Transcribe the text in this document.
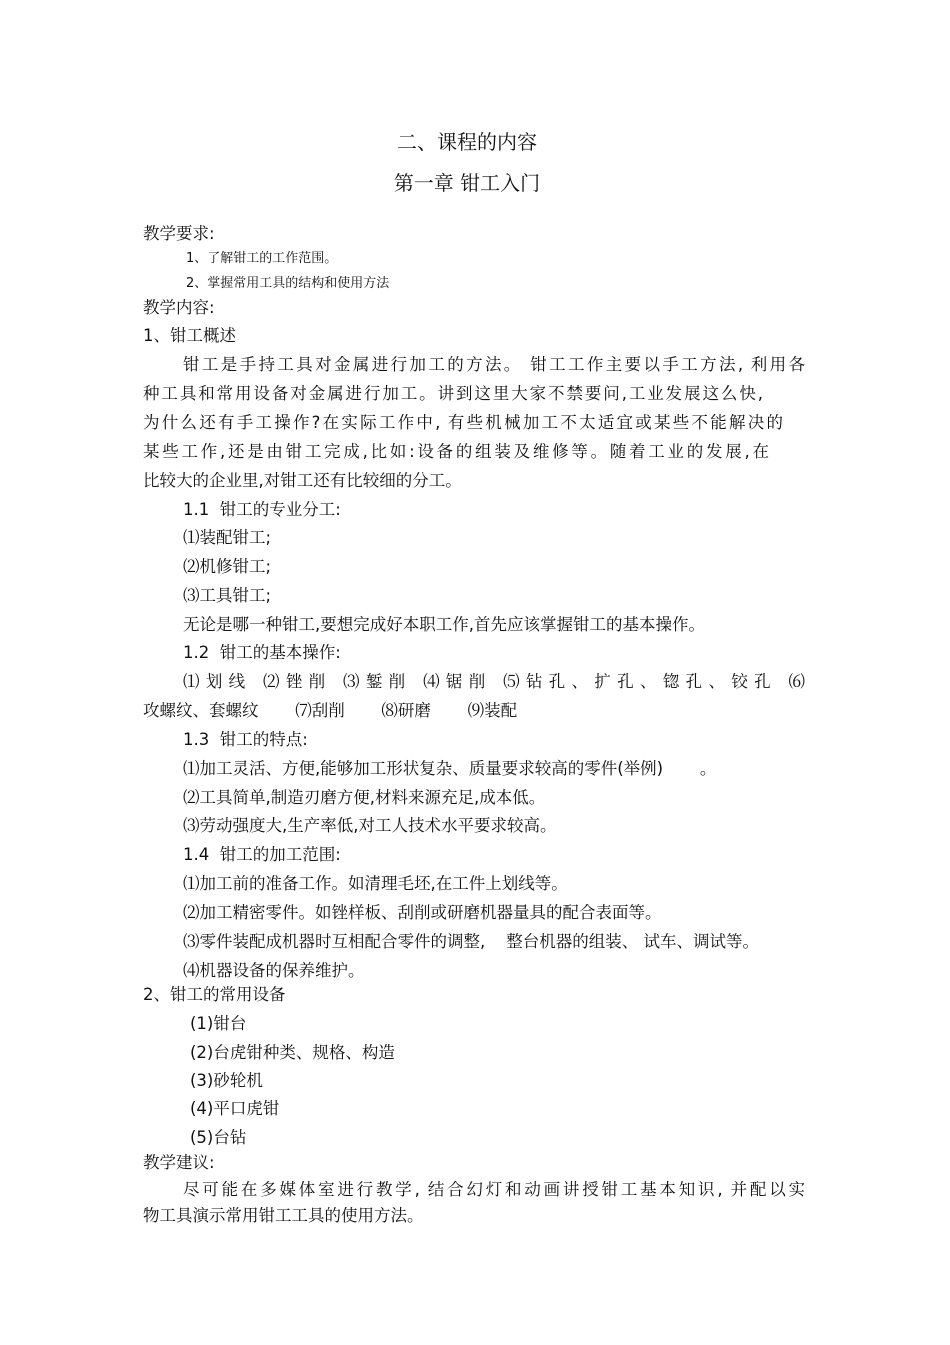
二、课程的内容
第一章 钳工入门
教学要求:
1、了解钳工的工作范围。
2、掌握常用工具的结构和使用方法
教学内容:
1、钳工概述
钳工是手持工具对金属进行加工的方法。 钳工工作主要以手工方法, 利用各
种工具和常用设备对金属进行加工。讲到这里大家不禁要问,工业发展这么快,
为什么还有手工操作?在实际工作中, 有些机械加工不太适宜或某些不能解决的
某些工作,还是由钳工完成,比如:设备的组装及维修等。随着工业的发展,在
比较大的企业里,对钳工还有比较细的分工。
1.1  钳工的专业分工:
⑴装配钳工;
⑵机修钳工;
⑶工具钳工;
无论是哪一种钳工,要想完成好本职工作,首先应该掌握钳工的基本操作。
1.2  钳工的基本操作:
⑴划线 ⑵锉削 ⑶錾削 ⑷锯削 ⑸钻孔、扩孔、锪孔、铰孔 ⑹
攻螺纹、套螺纹       ⑺刮削       ⑻研磨       ⑼装配
1.3  钳工的特点:
⑴加工灵活、方便,能够加工形状复杂、质量要求较高的零件(举例)       。
⑵工具简单,制造刃磨方便,材料来源充足,成本低。
⑶劳动强度大,生产率低,对工人技术水平要求较高。
1.4  钳工的加工范围:
⑴加工前的准备工作。如清理毛坯,在工件上划线等。
⑵加工精密零件。如锉样板、刮削或研磨机器量具的配合表面等。
⑶零件装配成机器时互相配合零件的调整,    整台机器的组装、 试车、调试等。
⑷机器设备的保养维护。
2、钳工的常用设备
(1)钳台
(2)台虎钳种类、规格、构造
(3)砂轮机
(4)平口虎钳
(5)台钻
教学建议:
尽可能在多媒体室进行教学, 结合幻灯和动画讲授钳工基本知识, 并配以实
物工具演示常用钳工工具的使用方法。
